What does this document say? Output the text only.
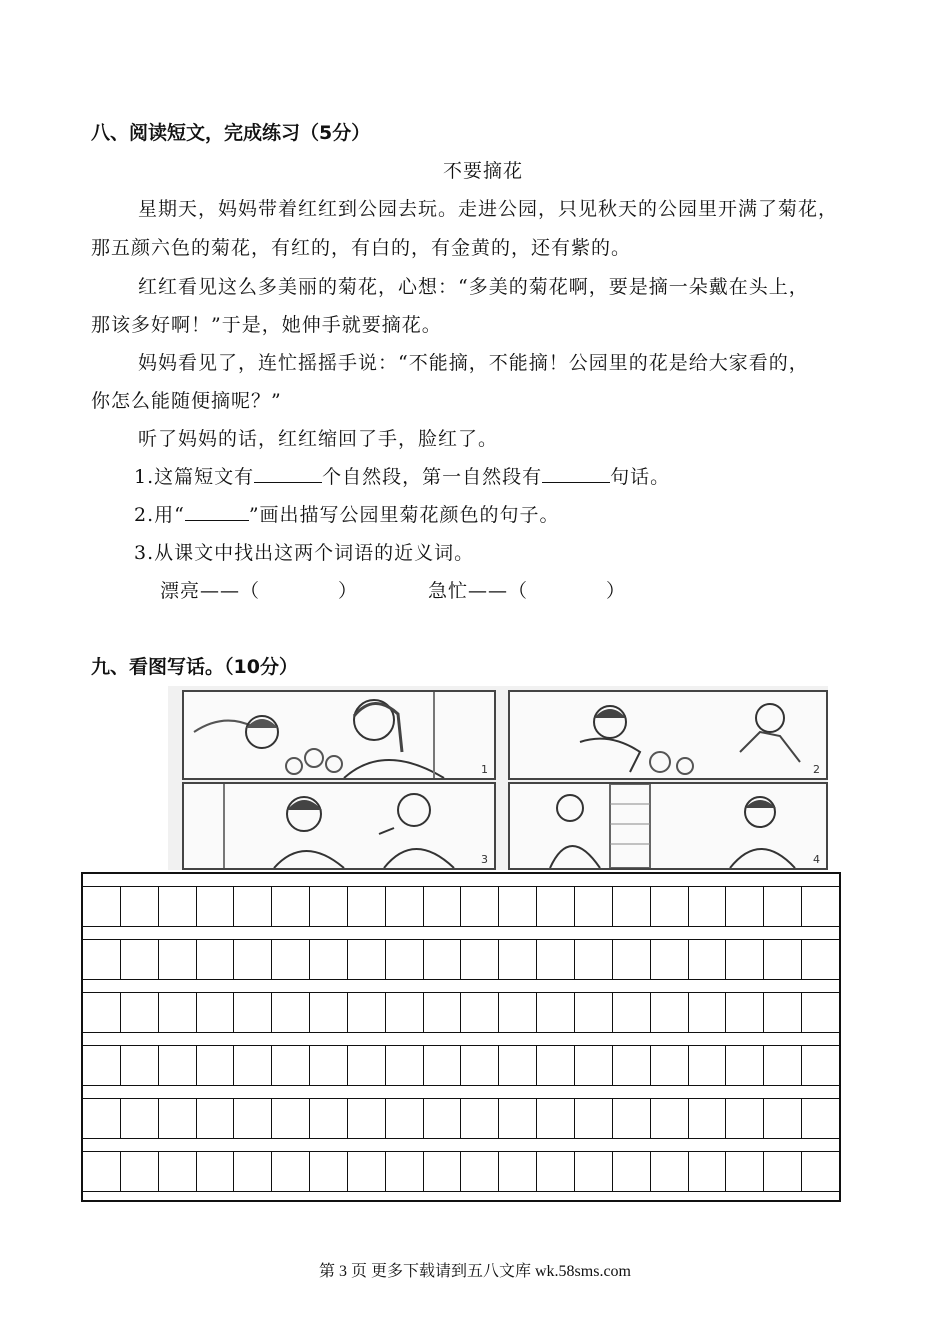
八、阅读短文，完成练习（5分）
不要摘花
星期天，妈妈带着红红到公园去玩。走进公园，只见秋天的公园里开满了菊花，
那五颜六色的菊花，有红的，有白的，有金黄的，还有紫的。
红红看见这么多美丽的菊花，心想：“多美的菊花啊，要是摘一朵戴在头上，
那该多好啊！”于是，她伸手就要摘花。
妈妈看见了，连忙摇摇手说：“不能摘，不能摘！公园里的花是给大家看的，
你怎么能随便摘呢？”
听了妈妈的话，红红缩回了手，脸红了。
1.这篇短文有	个自然段，第一自然段有	句话。
2.用“	”画出描写公园里菊花颜色的句子。
3.从课文中找出这两个词语的近义词。
漂亮——（	）	急忙——（	）
九、看图写话。（10分）
1	2
3	4
第 3 页 更多下载请到五八文库 wk.58sms.com
